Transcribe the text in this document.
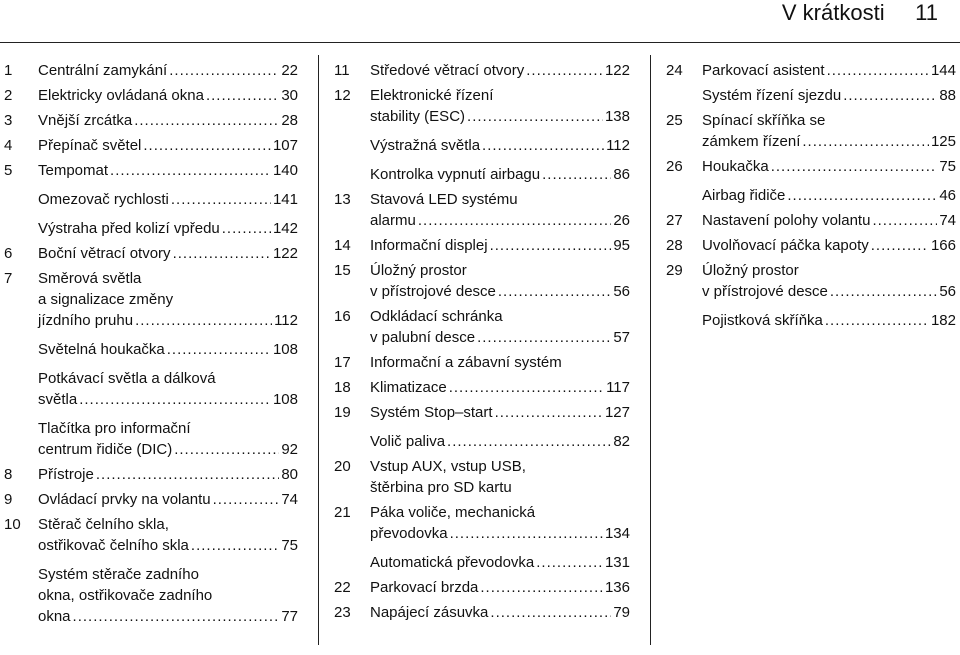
V krátkosti     11
1	Centrální zamykání .....	22
2	Elektricky ovládaná okna .....	30
3	Vnější zrcátka .....	28
4	Přepínač světel .....	107
5	Tempomat .....	140
Omezovač rychlosti .....	141
Výstraha před kolizí vpředu .....	142
6	Boční větrací otvory .....	122
7	Směrová světla
a signalizace změny
jízdního pruhu .....	112
Světelná houkačka .....	108
Potkávací světla a dálková
světla .....	108
Tlačítka pro informační
centrum řidiče (DIC) .....	92
8	Přístroje .....	80
9	Ovládací prvky na volantu .....	74
10	Stěrač čelního skla,
ostřikovač čelního skla .....	75
Systém stěrače zadního
okna, ostřikovače zadního
okna .....	77
11	Středové větrací otvory .....	122
12	Elektronické řízení
stability (ESC) .....	138
Výstražná světla .....	112
Kontrolka vypnutí airbagu .....	86
13	Stavová LED systému
alarmu .....	26
14	Informační displej .....	95
15	Úložný prostor
v přístrojové desce .....	56
16	Odkládací schránka
v palubní desce .....	57
17	Informační a zábavní systém
18	Klimatizace .....	117
19	Systém Stop–start .....	127
Volič paliva .....	82
20	Vstup AUX, vstup USB,
štěrbina pro SD kartu
21	Páka voliče, mechanická
převodovka .....	134
Automatická převodovka .....	131
22	Parkovací brzda .....	136
23	Napájecí zásuvka .....	79
24	Parkovací asistent .....	144
Systém řízení sjezdu .....	88
25	Spínací skříňka se
zámkem řízení .....	125
26	Houkačka .....	75
Airbag řidiče .....	46
27	Nastavení polohy volantu .....	74
28	Uvolňovací páčka kapoty .....	166
29	Úložný prostor
v přístrojové desce .....	56
Pojistková skříňka .....	182
